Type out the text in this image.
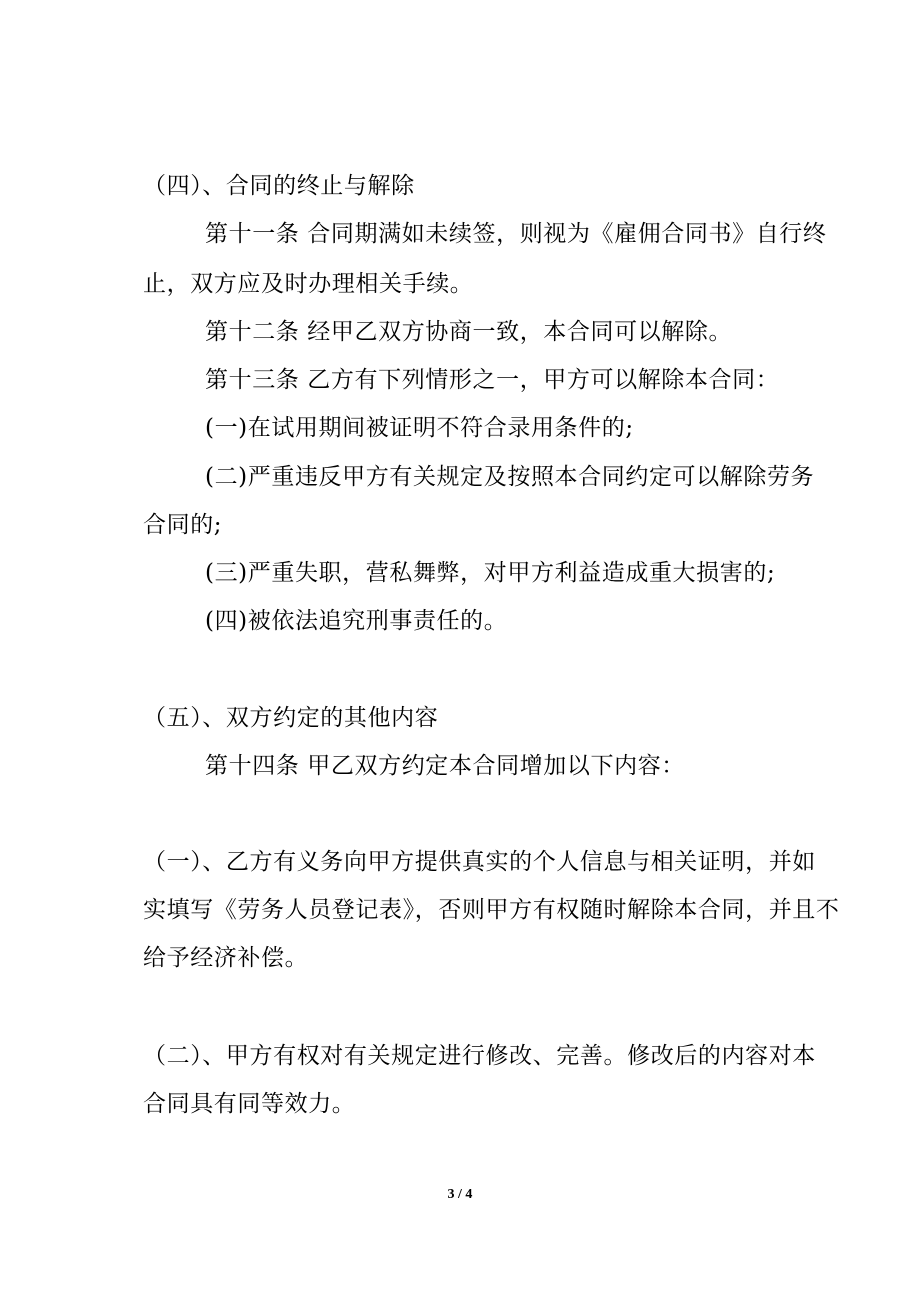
（四）、合同的终止与解除
第十一条 合同期满如未续签，则视为《雇佣合同书》自行终
止，双方应及时办理相关手续。
第十二条 经甲乙双方协商一致，本合同可以解除。
第十三条 乙方有下列情形之一，甲方可以解除本合同：
(一)在试用期间被证明不符合录用条件的;
(二)严重违反甲方有关规定及按照本合同约定可以解除劳务
合同的;
(三)严重失职，营私舞弊，对甲方利益造成重大损害的;
(四)被依法追究刑事责任的。
（五）、双方约定的其他内容
第十四条 甲乙双方约定本合同增加以下内容：
（一）、乙方有义务向甲方提供真实的个人信息与相关证明，并如
实填写《劳务人员登记表》，否则甲方有权随时解除本合同，并且不
给予经济补偿。
（二）、甲方有权对有关规定进行修改、完善。修改后的内容对本
合同具有同等效力。
3 / 4
